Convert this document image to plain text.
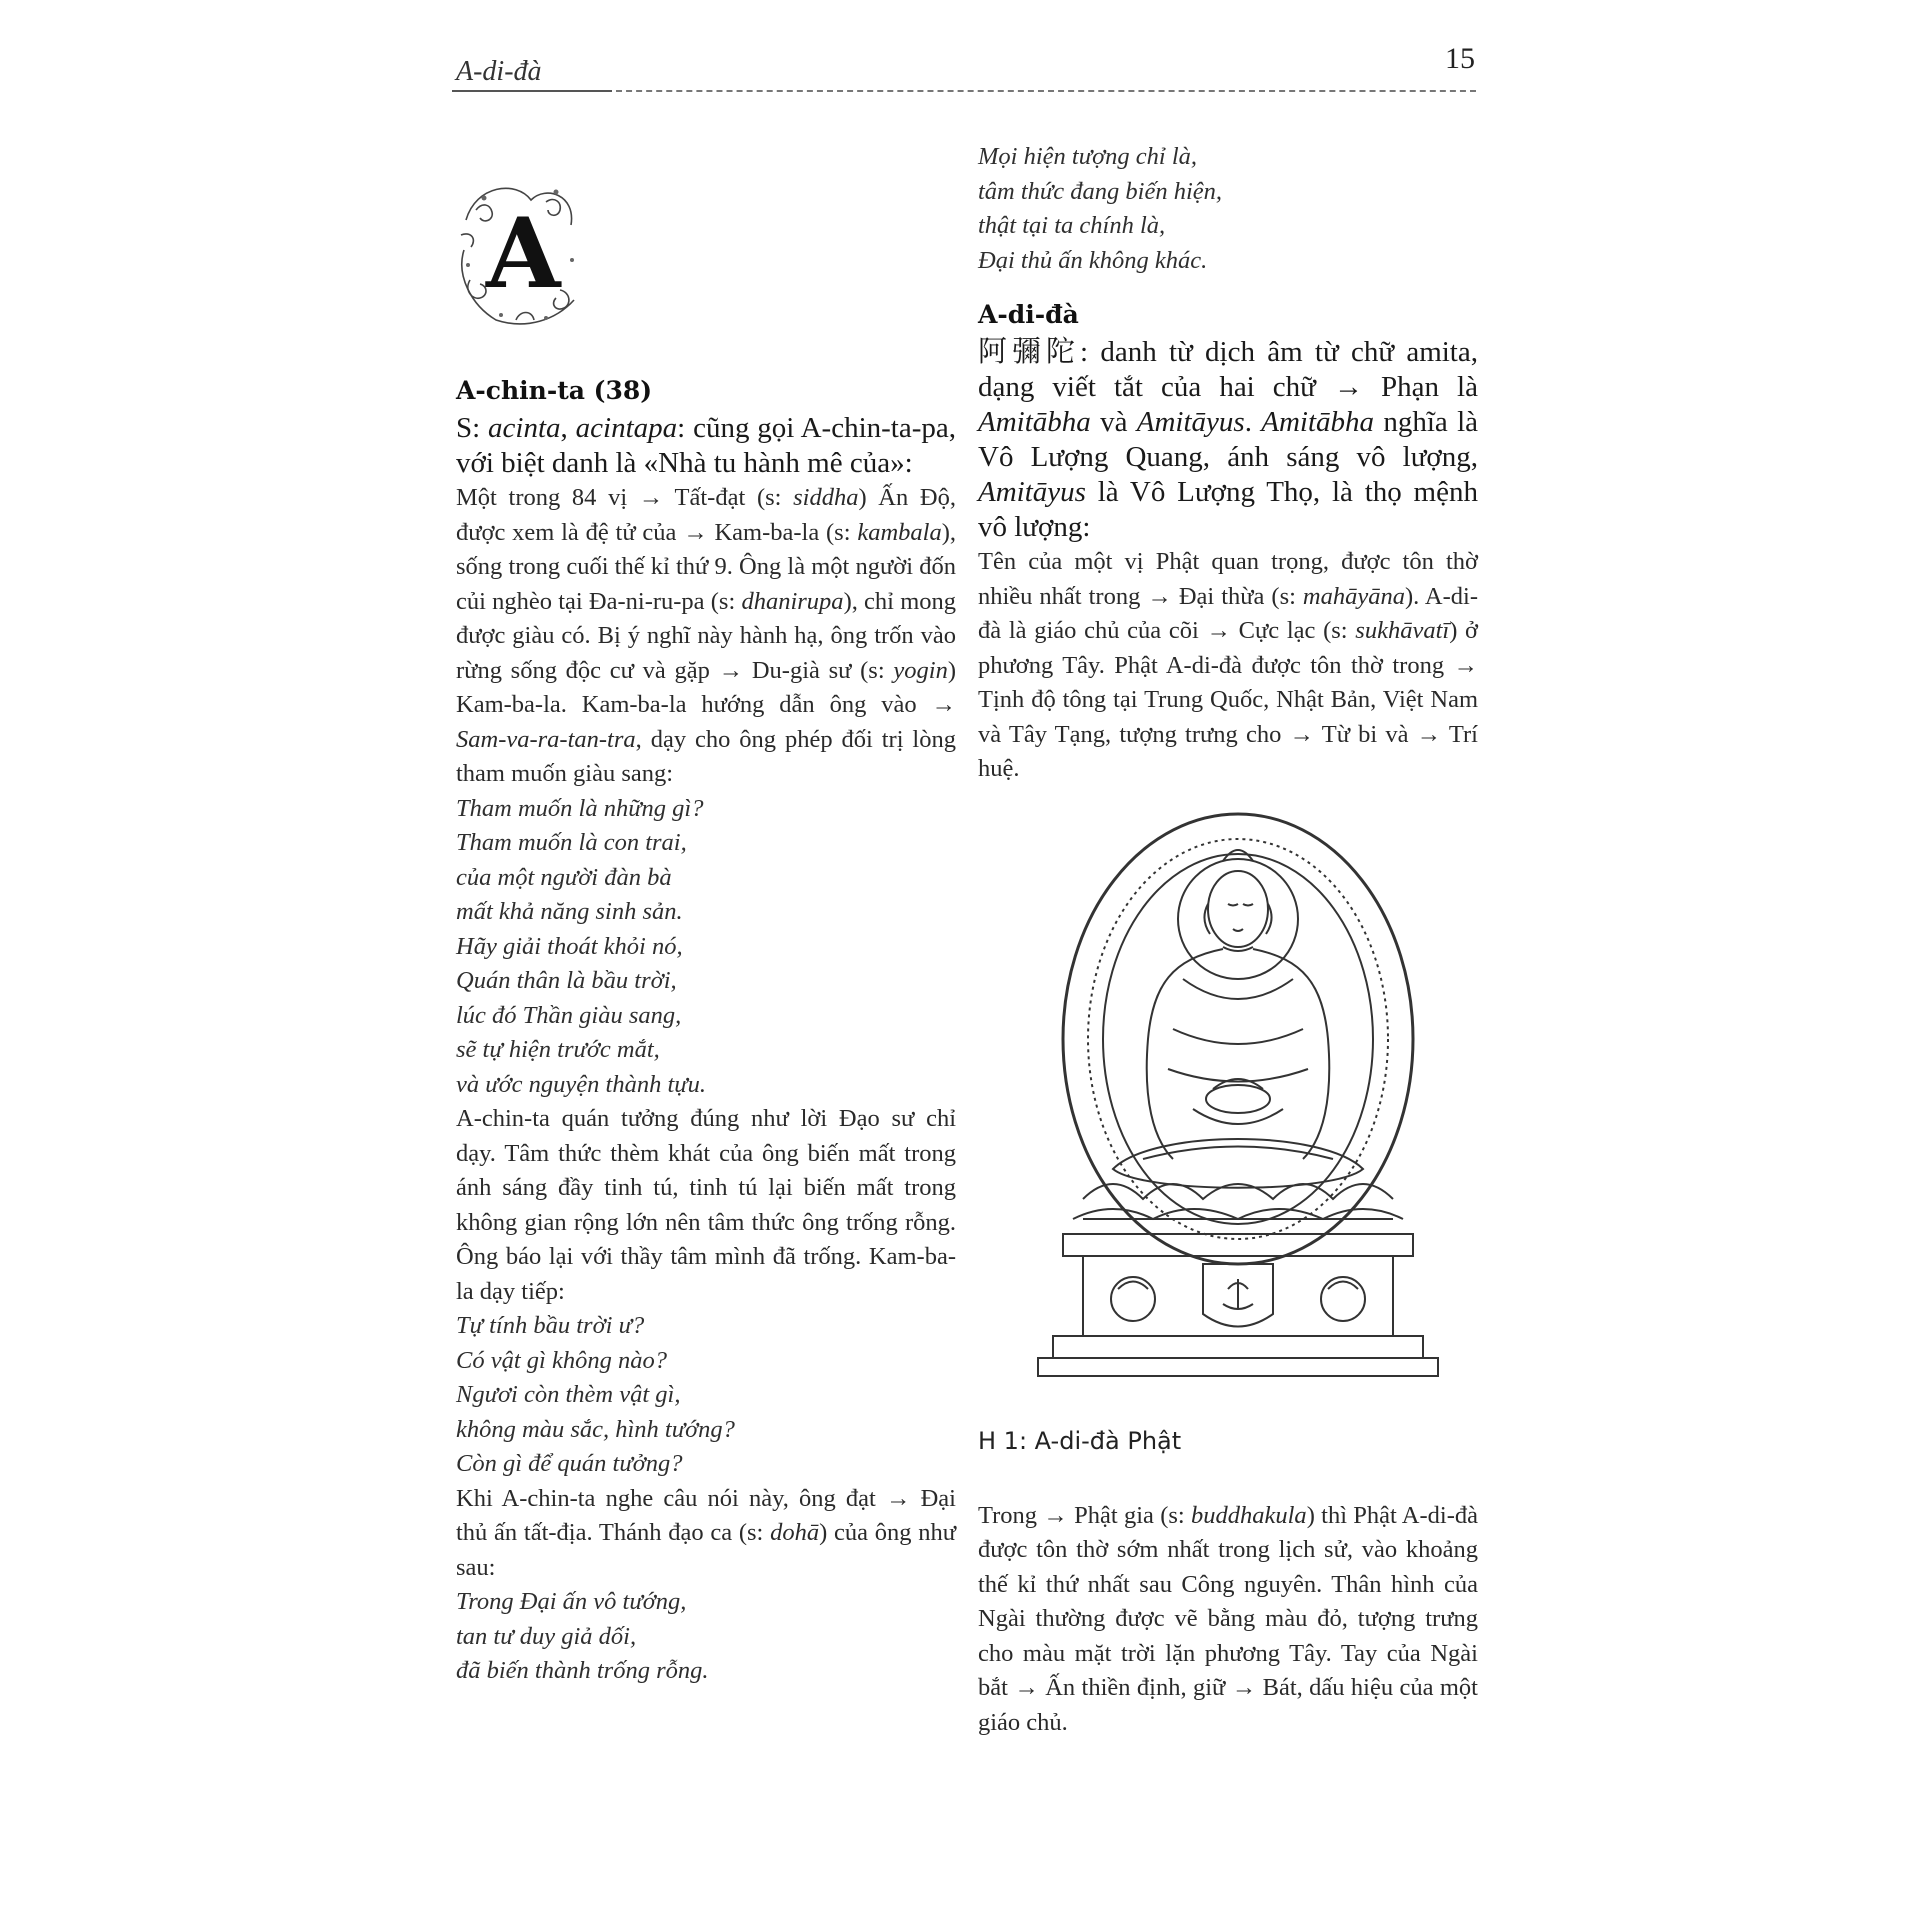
A-di-đà	15
A
A-chin-ta (38)

S: acinta, acintapa: cũng gọi A-chin-ta-pa, với biệt danh là «Nhà tu hành mê của»:

Một trong 84 vị → Tất-đạt (s: siddha) Ấn Độ, được xem là đệ tử của → Kam-ba-la (s: kambala), sống trong cuối thế kỉ thứ 9. Ông là một người đốn củi nghèo tại Đa-ni-ru-pa (s: dhanirupa), chỉ mong được giàu có. Bị ý nghĩ này hành hạ, ông trốn vào rừng sống độc cư và gặp → Du-già sư (s: yogin) Kam-ba-la. Kam-ba-la hướng dẫn ông vào → Sam-va-ra-tan-tra, dạy cho ông phép đối trị lòng tham muốn giàu sang:

Tham muốn là những gì?
Tham muốn là con trai,
của một người đàn bà
mất khả năng sinh sản.
Hãy giải thoát khỏi nó,
Quán thân là bầu trời,
lúc đó Thần giàu sang,
sẽ tự hiện trước mắt,
và ước nguyện thành tựu.

A-chin-ta quán tưởng đúng như lời Đạo sư chỉ dạy. Tâm thức thèm khát của ông biến mất trong ánh sáng đầy tinh tú, tinh tú lại biến mất trong không gian rộng lớn nên tâm thức ông trống rỗng. Ông báo lại với thầy tâm mình đã trống. Kam-ba-la dạy tiếp:

Tự tính bầu trời ư?
Có vật gì không nào?
Ngươi còn thèm vật gì,
không màu sắc, hình tướng?
Còn gì để quán tưởng?

Khi A-chin-ta nghe câu nói này, ông đạt → Đại thủ ấn tất-địa. Thánh đạo ca (s: dohā) của ông như sau:

Trong Đại ấn vô tướng,
tan tư duy giả dối,
đã biến thành trống rỗng.

Mọi hiện tượng chỉ là,
tâm thức đang biến hiện,
thật tại ta chính là,
Đại thủ ấn không khác.

A-di-đà

阿彌陀: danh từ dịch âm từ chữ amita, dạng viết tắt của hai chữ → Phạn là Amitābha và Amitāyus. Amitābha nghĩa là Vô Lượng Quang, ánh sáng vô lượng, Amitāyus là Vô Lượng Thọ, là thọ mệnh vô lượng:

Tên của một vị Phật quan trọng, được tôn thờ nhiều nhất trong → Đại thừa (s: mahāyāna). A-di-đà là giáo chủ của cõi → Cực lạc (s: sukhāvatī) ở phương Tây. Phật A-di-đà được tôn thờ trong → Tịnh độ tông tại Trung Quốc, Nhật Bản, Việt Nam và Tây Tạng, tượng trưng cho → Từ bi và → Trí huệ.

H 1: A-di-đà Phật

Trong → Phật gia (s: buddhakula) thì Phật A-di-đà được tôn thờ sớm nhất trong lịch sử, vào khoảng thế kỉ thứ nhất sau Công nguyên. Thân hình của Ngài thường được vẽ bằng màu đỏ, tượng trưng cho màu mặt trời lặn phương Tây. Tay của Ngài bắt → Ấn thiền định, giữ → Bát, dấu hiệu của một giáo chủ.
